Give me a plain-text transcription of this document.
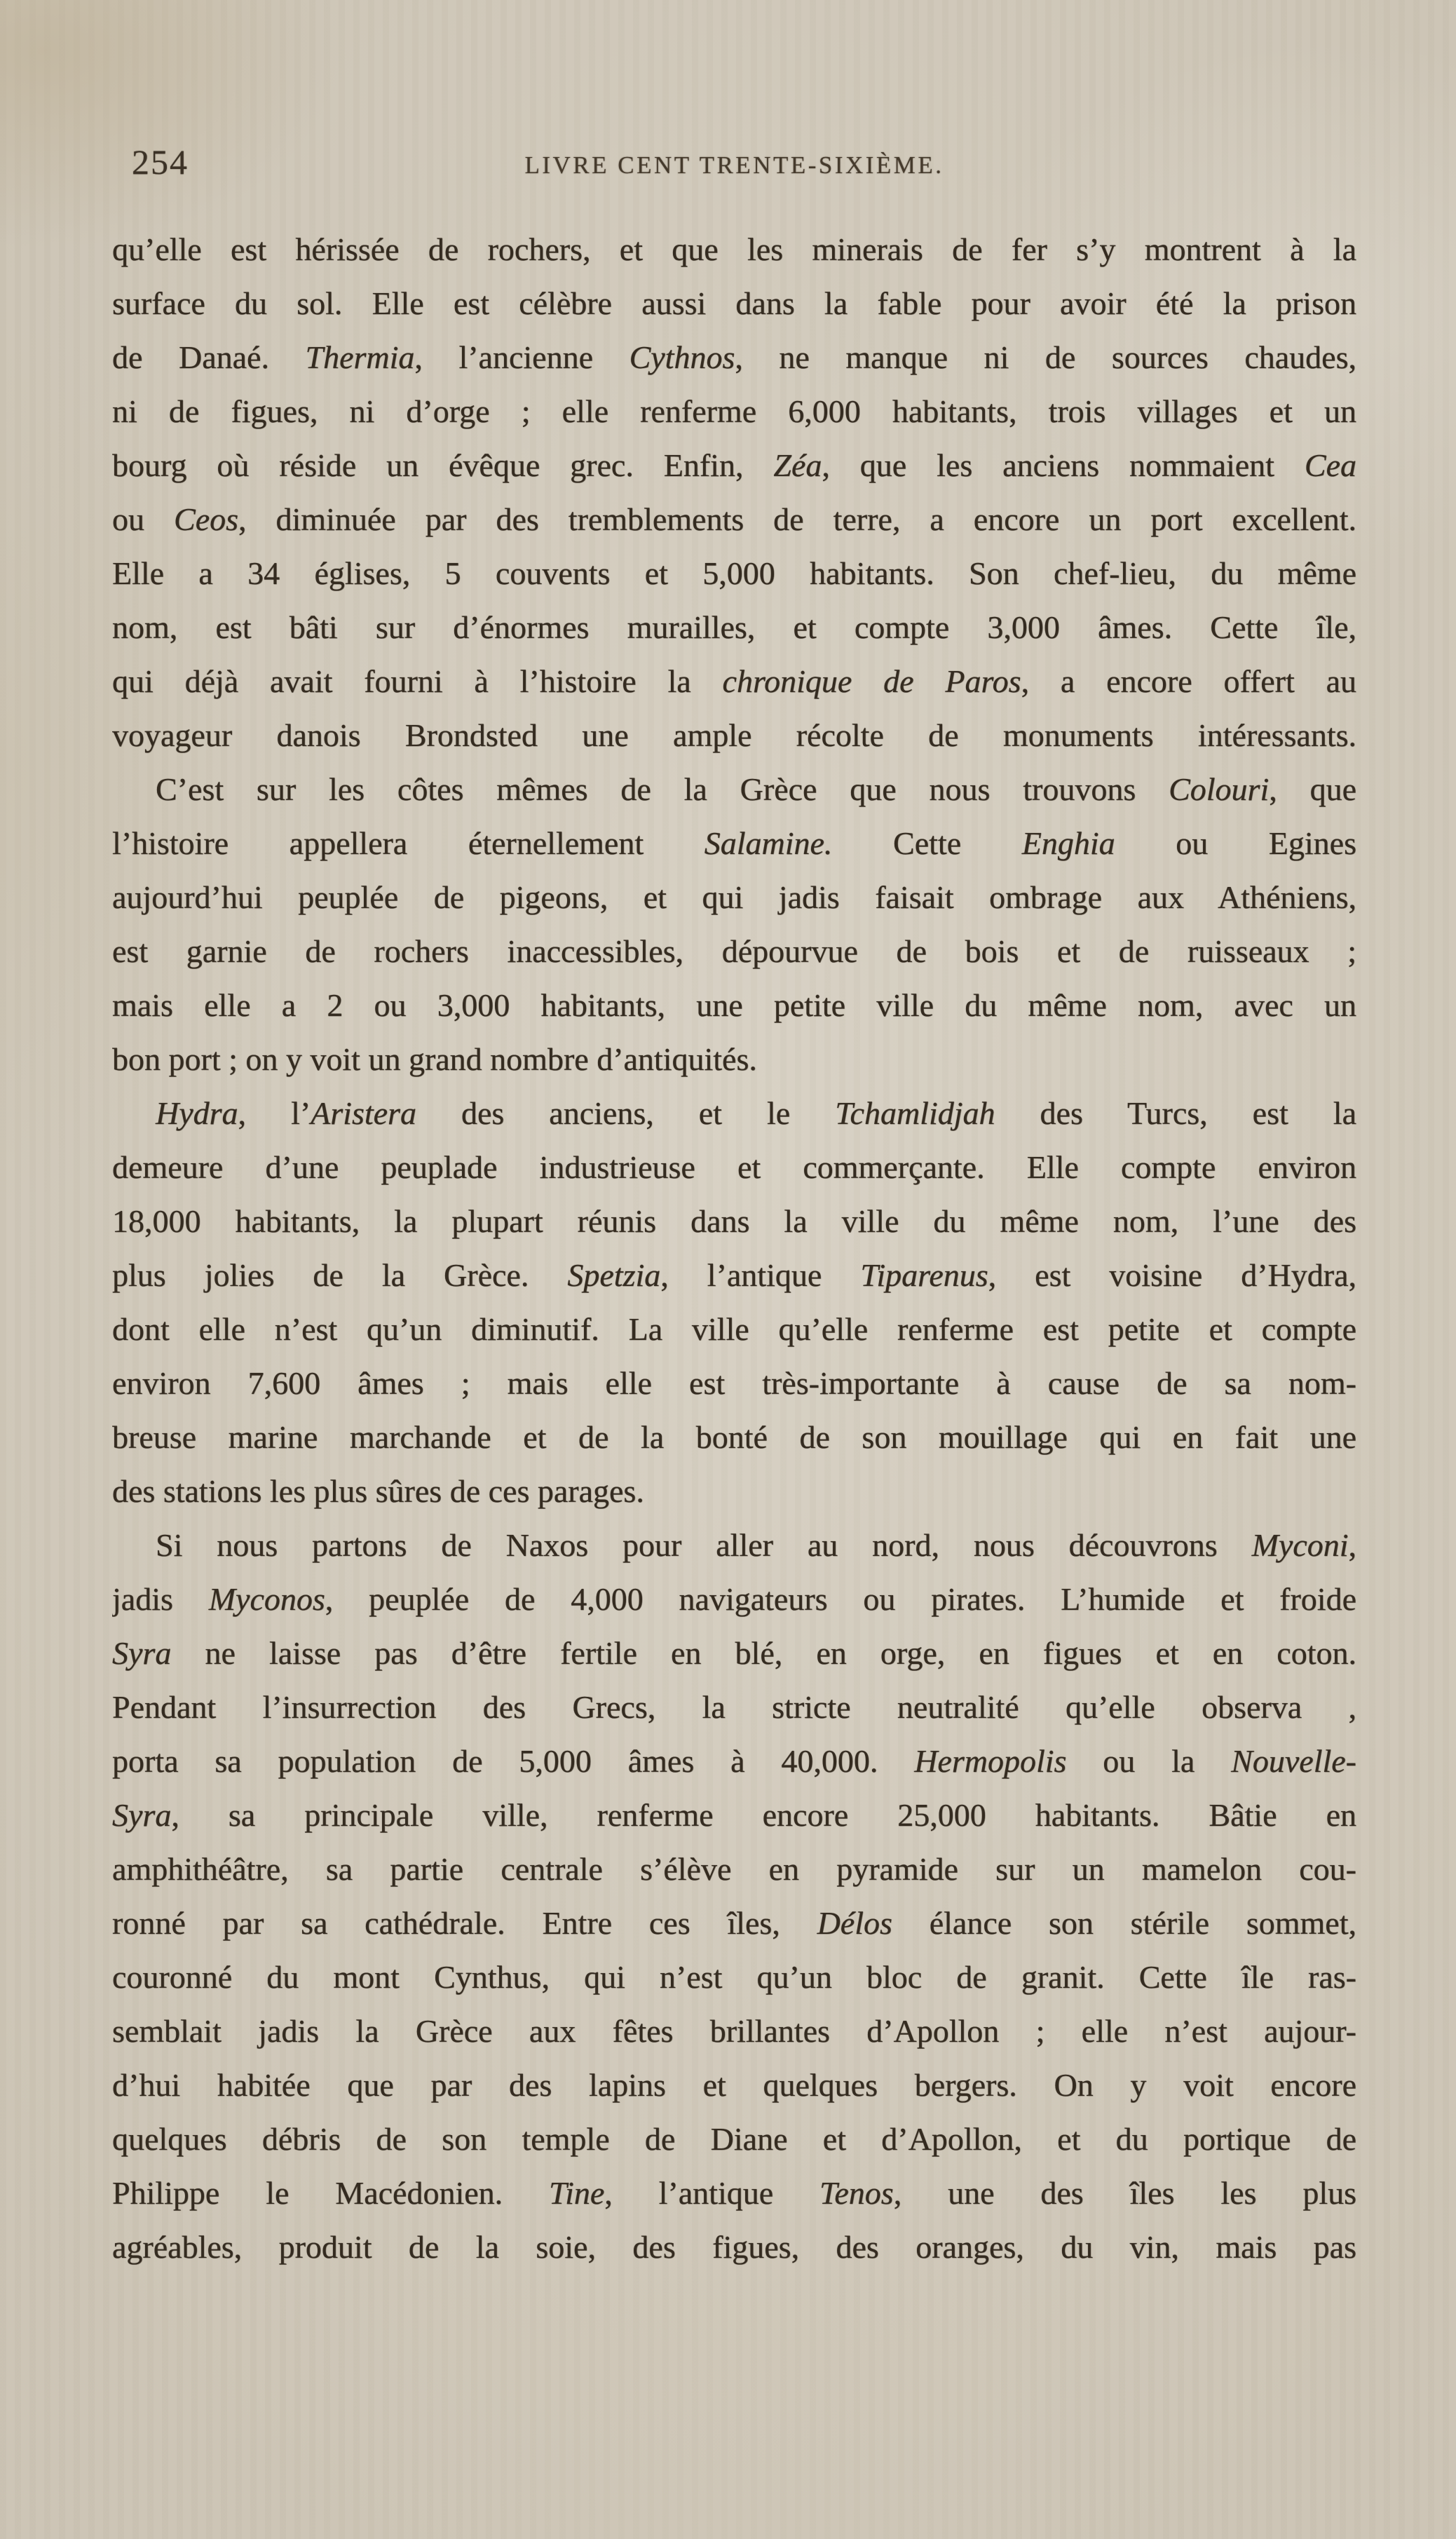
254	LIVRE CENT TRENTE-SIXIÈME.
qu’elle est hérissée de rochers, et que les minerais de fer s’y montrent à la
surface du sol. Elle est célèbre aussi dans la fable pour avoir été la prison
de Danaé. Thermia, l’ancienne Cythnos, ne manque ni de sources chaudes,
ni de figues, ni d’orge ; elle renferme 6,000 habitants, trois villages et un
bourg où réside un évêque grec. Enfin, Zéa, que les anciens nommaient Cea
ou Ceos, diminuée par des tremblements de terre, a encore un port excellent.
Elle a 34 églises, 5 couvents et 5,000 habitants. Son chef-lieu, du même
nom, est bâti sur d’énormes murailles, et compte 3,000 âmes. Cette île,
qui déjà avait fourni à l’histoire la chronique de Paros, a encore offert au
voyageur danois Brondsted une ample récolte de monuments intéressants.
C’est sur les côtes mêmes de la Grèce que nous trouvons Colouri, que
l’histoire appellera éternellement Salamine. Cette Enghia ou Egines
aujourd’hui peuplée de pigeons, et qui jadis faisait ombrage aux Athéniens,
est garnie de rochers inaccessibles, dépourvue de bois et de ruisseaux ;
mais elle a 2 ou 3,000 habitants, une petite ville du même nom, avec un
bon port ; on y voit un grand nombre d’antiquités.
Hydra, l’Aristera des anciens, et le Tchamlidjah des Turcs, est la
demeure d’une peuplade industrieuse et commerçante. Elle compte environ
18,000 habitants, la plupart réunis dans la ville du même nom, l’une des
plus jolies de la Grèce. Spetzia, l’antique Tiparenus, est voisine d’Hydra,
dont elle n’est qu’un diminutif. La ville qu’elle renferme est petite et compte
environ 7,600 âmes ; mais elle est très-importante à cause de sa nom-
breuse marine marchande et de la bonté de son mouillage qui en fait une
des stations les plus sûres de ces parages.
Si nous partons de Naxos pour aller au nord, nous découvrons Myconi,
jadis Myconos, peuplée de 4,000 navigateurs ou pirates. L’humide et froide
Syra ne laisse pas d’être fertile en blé, en orge, en figues et en coton.
Pendant l’insurrection des Grecs, la stricte neutralité qu’elle observa ,
porta sa population de 5,000 âmes à 40,000. Hermopolis ou la Nouvelle-
Syra, sa principale ville, renferme encore 25,000 habitants. Bâtie en
amphithéâtre, sa partie centrale s’élève en pyramide sur un mamelon cou-
ronné par sa cathédrale. Entre ces îles, Délos élance son stérile sommet,
couronné du mont Cynthus, qui n’est qu’un bloc de granit. Cette île ras-
semblait jadis la Grèce aux fêtes brillantes d’Apollon ; elle n’est aujour-
d’hui habitée que par des lapins et quelques bergers. On y voit encore
quelques débris de son temple de Diane et d’Apollon, et du portique de
Philippe le Macédonien. Tine, l’antique Tenos, une des îles les plus
agréables, produit de la soie, des figues, des oranges, du vin, mais pas
